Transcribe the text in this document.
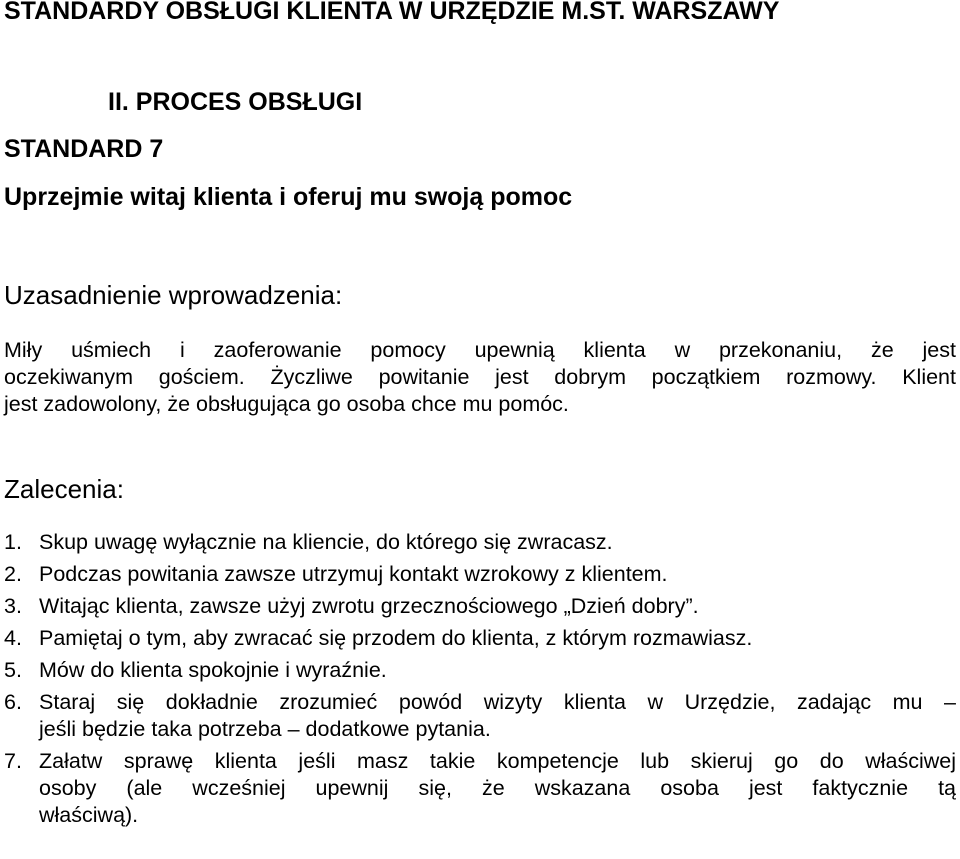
STANDARDY OBSŁUGI KLIENTA W URZĘDZIE M.ST. WARSZAWY
II. PROCES OBSŁUGI
STANDARD 7
Uprzejmie witaj klienta i oferuj mu swoją pomoc
Uzasadnienie wprowadzenia:
Miły uśmiech i zaoferowanie pomocy upewnią klienta w przekonaniu, że jest
oczekiwanym gościem. Życzliwe powitanie jest dobrym początkiem rozmowy. Klient
jest zadowolony, że obsługująca go osoba chce mu pomóc.
Zalecenia:
1. Skup uwagę wyłącznie na kliencie, do którego się zwracasz.
2. Podczas powitania zawsze utrzymuj kontakt wzrokowy z klientem.
3. Witając klienta, zawsze użyj zwrotu grzecznościowego „Dzień dobry”.
4. Pamiętaj o tym, aby zwracać się przodem do klienta, z którym rozmawiasz.
5. Mów do klienta spokojnie i wyraźnie.
6. Staraj się dokładnie zrozumieć powód wizyty klienta w Urzędzie, zadając mu –
jeśli będzie taka potrzeba – dodatkowe pytania.
7. Załatw sprawę klienta jeśli masz takie kompetencje lub skieruj go do właściwej
osoby (ale wcześniej upewnij się, że wskazana osoba jest faktycznie tą
właściwą).
